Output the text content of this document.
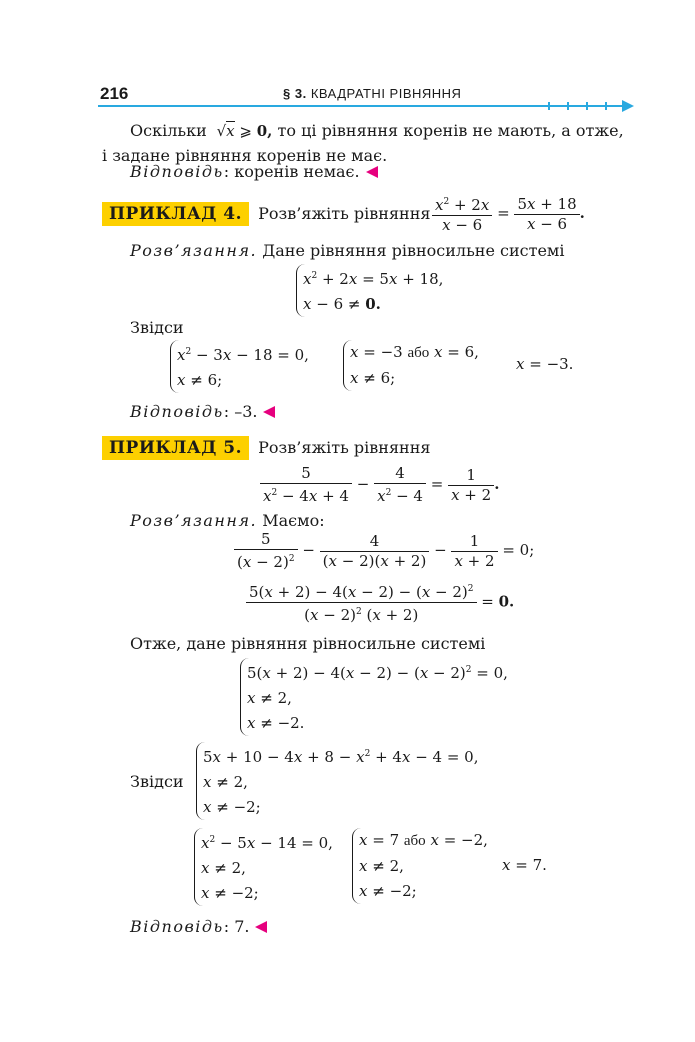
216	§ 3. КВАДРАТНІ РІВНЯННЯ
Оскільки  √x ⩾ 0, то ці рівняння коренів не мають, а отже,
і задане рівняння коренів не має.
Відповідь: коренів немає.
ПРИКЛАД 4. Розв’яжіть рівняння $\frac{x^2 + 2x}{x - 6} = \frac{5x + 18}{x - 6}$ .
Розв’язання. Дане рівняння рівносильне системі
$x^2 + 2x = 5x + 18$,
x − 6 ≠ 0.
Звідси
$x^2 - 3x - 18 = 0$,
x ≠ 6;
x = −3 або x = 6,
x ≠ 6;
x = −3.
Відповідь: –3.
ПРИКЛАД 5. Розв’яжіть рівняння
$\frac{5}{x^2 - 4x + 4} - \frac{4}{x^2 - 4} = \frac{1}{x + 2}$ .
Розв’язання. Маємо:
$\frac{5}{(x - 2)^2} - \frac{4}{(x - 2)(x + 2)} - \frac{1}{x + 2} = 0$;
$\frac{5(x + 2) - 4(x - 2) - (x - 2)^2}{(x - 2)^2 (x + 2)} = 0$.
Отже, дане рівняння рівносильне системі
$5(x + 2) - 4(x - 2) - (x - 2)^2 = 0$,
x ≠ 2,
x ≠ −2.
Звідси
$5x + 10 - 4x + 8 - x^2 + 4x - 4 = 0$,
x ≠ 2,
x ≠ −2;
$x^2 - 5x - 14 = 0$,
x ≠ 2,
x ≠ −2;
x = 7 або x = −2,
x ≠ 2,
x ≠ −2;
x = 7.
Відповідь: 7.
